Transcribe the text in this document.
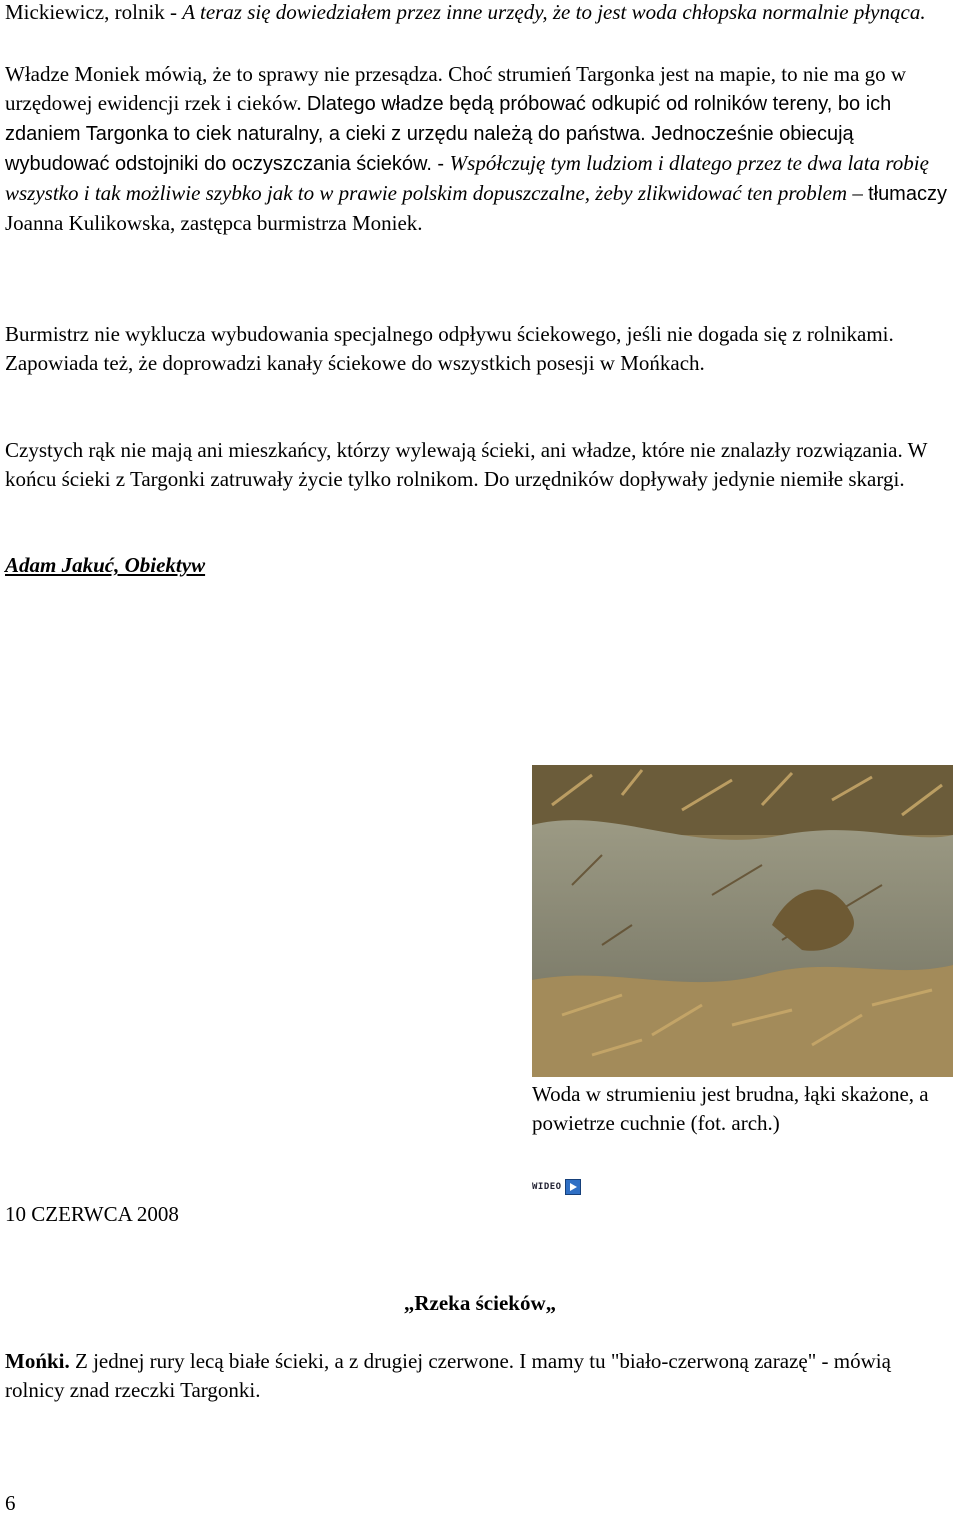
Mickiewicz, rolnik - A teraz się dowiedziałem przez inne urzędy, że to jest woda chłopska normalnie płynąca.

Władze Moniek mówią, że to sprawy nie przesądza. Choć strumień Targonka jest na mapie, to nie ma go w urzędowej ewidencji rzek i cieków. Dlatego władze będą próbować odkupić od rolników tereny, bo ich zdaniem Targonka to ciek naturalny, a cieki z urzędu należą do państwa. Jednocześnie obiecują wybudować odstojniki do oczyszczania ścieków. - Współczuję tym ludziom i dlatego przez te dwa lata robię wszystko i tak możliwie szybko jak to w prawie polskim dopuszczalne, żeby zlikwidować ten problem – tłumaczy Joanna Kulikowska, zastępca burmistrza Moniek.

Burmistrz nie wyklucza wybudowania specjalnego odpływu ściekowego, jeśli nie dogada się z rolnikami. Zapowiada też, że doprowadzi kanały ściekowe do wszystkich posesji w Mońkach.

Czystych rąk nie mają ani mieszkańcy, którzy wylewają ścieki, ani władze, które nie znalazły rozwiązania. W końcu ścieki z Targonki zatruwały życie tylko rolnikom. Do urzędników dopływały jedynie niemiłe skargi.

Adam Jakuć, Obiektyw

Woda w strumieniu jest brudna, łąki skażone, a powietrze cuchnie (fot. arch.)

WIDEO

10 CZERWCA 2008

„Rzeka ścieków„

Mońki. Z jednej rury lecą białe ścieki, a z drugiej czerwone. I mamy tu "biało-czerwoną zarazę" - mówią rolnicy znad rzeczki Targonki.

6
